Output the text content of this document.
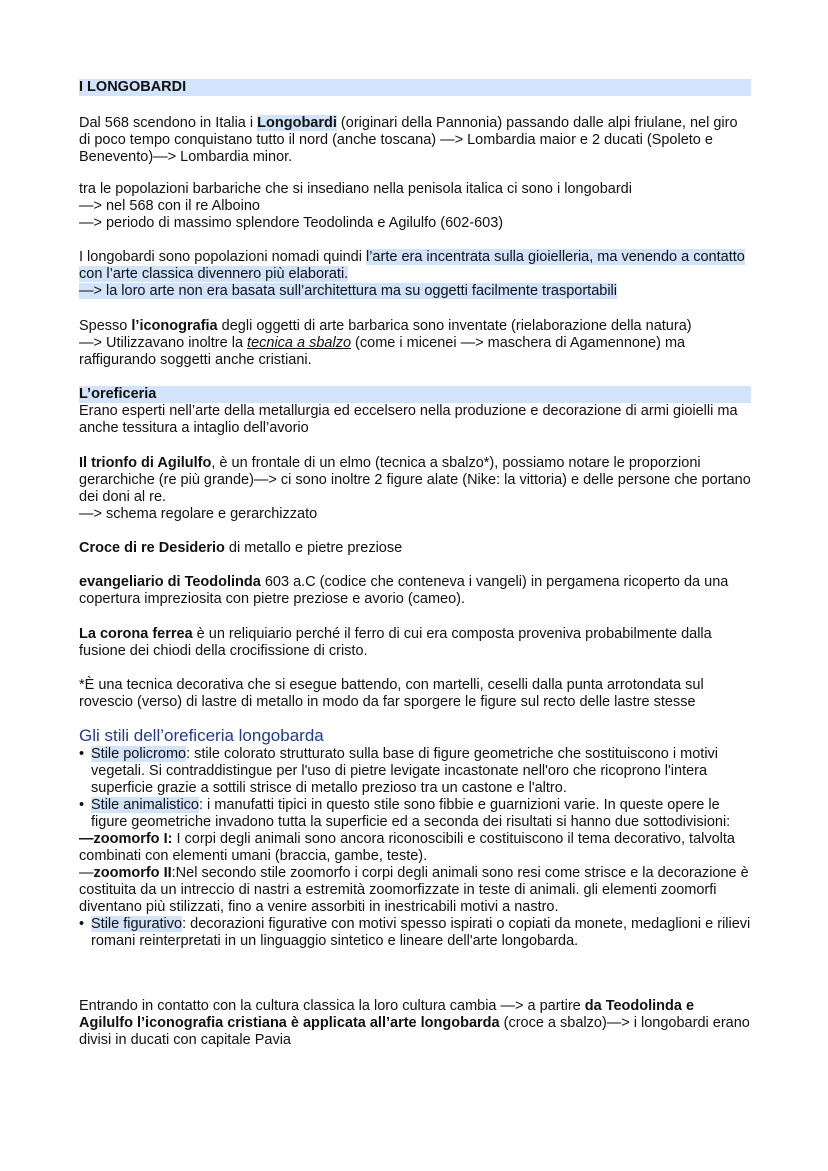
I LONGOBARDI

Dal 568 scendono in Italia i Longobardi (originari della Pannonia) passando dalle alpi friulane, nel giro di poco tempo conquistano tutto il nord (anche toscana) —> Lombardia maior e 2 ducati (Spoleto e Benevento)—> Lombardia minor.

tra le popolazioni barbariche che si insediano nella penisola italica ci sono i longobardi

—> nel 568 con il re Alboino

—> periodo di massimo splendore Teodolinda e Agilulfo (602-603)

I longobardi sono popolazioni nomadi quindi l’arte era incentrata sulla gioielleria, ma venendo a contatto con l’arte classica divennero più elaborati.

—> la loro arte non era basata sull’architettura ma su oggetti facilmente trasportabili

Spesso l’iconografia degli oggetti di arte barbarica sono inventate (rielaborazione della natura)

—> Utilizzavano inoltre la tecnica a sbalzo (come i micenei —> maschera di Agamennone) ma raffigurando soggetti anche cristiani.

L’oreficeria

Erano esperti nell’arte della metallurgia ed eccelsero nella produzione e decorazione di armi gioielli ma anche tessitura a intaglio dell’avorio

Il trionfo di Agilulfo, è un frontale di un elmo (tecnica a sbalzo*), possiamo notare le proporzioni gerarchiche (re più grande)—> ci sono inoltre 2 figure alate (Nike: la vittoria) e delle persone che portano dei doni al re.

—> schema regolare e gerarchizzato

Croce di re Desiderio di metallo e pietre preziose

evangeliario di Teodolinda 603 a.C (codice che conteneva i vangeli) in pergamena ricoperto da una copertura impreziosita con pietre preziose e avorio (cameo).

La corona ferrea è un reliquiario perché il ferro di cui era composta proveniva probabilmente dalla fusione dei chiodi della crocifissione di cristo.

*È una tecnica decorativa che si esegue battendo, con martelli, ceselli dalla punta arrotondata sul rovescio (verso) di lastre di metallo in modo da far sporgere le figure sul recto delle lastre stesse

Gli stili dell’oreficeria longobarda

• Stile policromo: stile colorato strutturato sulla base di figure geometriche che sostituiscono i motivi vegetali. Si contraddistingue per l'uso di pietre levigate incastonate nell'oro che ricoprono l'intera superficie grazie a sottili strisce di metallo prezioso tra un castone e l'altro.
• Stile animalistico: i manufatti tipici in questo stile sono fibbie e guarnizioni varie. In queste opere le figure geometriche invadono tutta la superficie ed a seconda dei risultati si hanno due sottodivisioni:

—zoomorfo I: I corpi degli animali sono ancora riconoscibili e costituiscono il tema decorativo, talvolta combinati con elementi umani (braccia, gambe, teste).

—zoomorfo II:Nel secondo stile zoomorfo i corpi degli animali sono resi come strisce e la decorazione è costituita da un intreccio di nastri a estremità zoomorfizzate in teste di animali. gli elementi zoomorfi diventano più stilizzati, fino a venire assorbiti in inestricabili motivi a nastro.

• Stile figurativo: decorazioni figurative con motivi spesso ispirati o copiati da monete, medaglioni e rilievi romani reinterpretati in un linguaggio sintetico e lineare dell'arte longobarda.

Entrando in contatto con la cultura classica la loro cultura cambia —> a partire da Teodolinda e Agilulfo l’iconografia cristiana è applicata all’arte longobarda (croce a sbalzo)—> i longobardi erano divisi in ducati con capitale Pavia
